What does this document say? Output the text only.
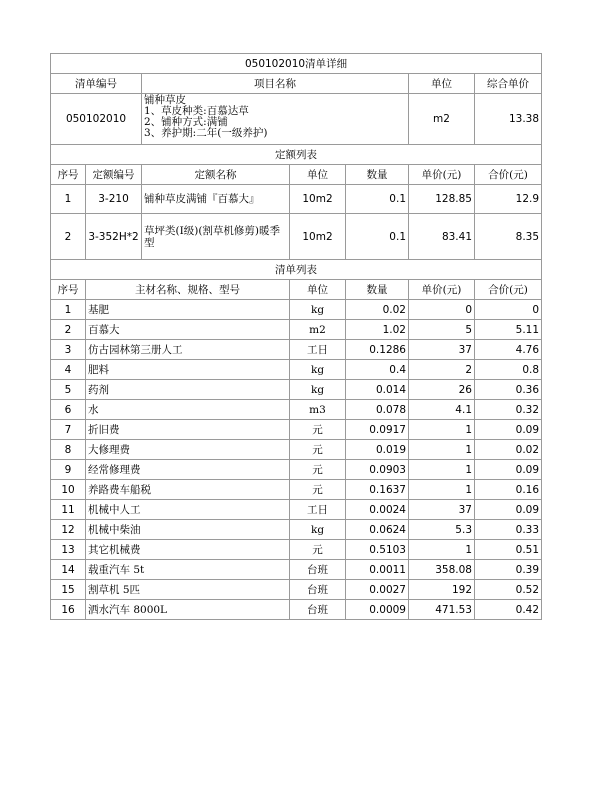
050102010清单详细						
清单编号		项目名称			单位	综合单价
050102010		铺种草皮
1、草皮种类:百慕达草
2、铺种方式:满铺
3、养护期:二年(一级养护)			m2	13.38
定额列表						
序号	定额编号	定额名称	单位	数量	单价(元)	合价(元)
1	3-210	铺种草皮满铺『百慕大』	10m2	0.1	128.85	12.9
2	3-352H*2	草坪类(Ⅰ级)(割草机修剪)暖季型	10m2	0.1	83.41	8.35
清单列表						
序号	主材名称、规格、型号		单位	数量	单价(元)	合价(元)
1	基肥		kg	0.02	0	0
2	百慕大		m2	1.02	5	5.11
3	仿古园林第三册人工		工日	0.1286	37	4.76
4	肥料		kg	0.4	2	0.8
5	药剂		kg	0.014	26	0.36
6	水		m3	0.078	4.1	0.32
7	折旧费		元	0.0917	1	0.09
8	大修理费		元	0.019	1	0.02
9	经常修理费		元	0.0903	1	0.09
10	养路费车船税		元	0.1637	1	0.16
11	机械中人工		工日	0.0024	37	0.09
12	机械中柴油		kg	0.0624	5.3	0.33
13	其它机械费		元	0.5103	1	0.51
14	载重汽车 5t		台班	0.0011	358.08	0.39
15	割草机 5匹		台班	0.0027	192	0.52
16	洒水汽车 8000L		台班	0.0009	471.53	0.42
